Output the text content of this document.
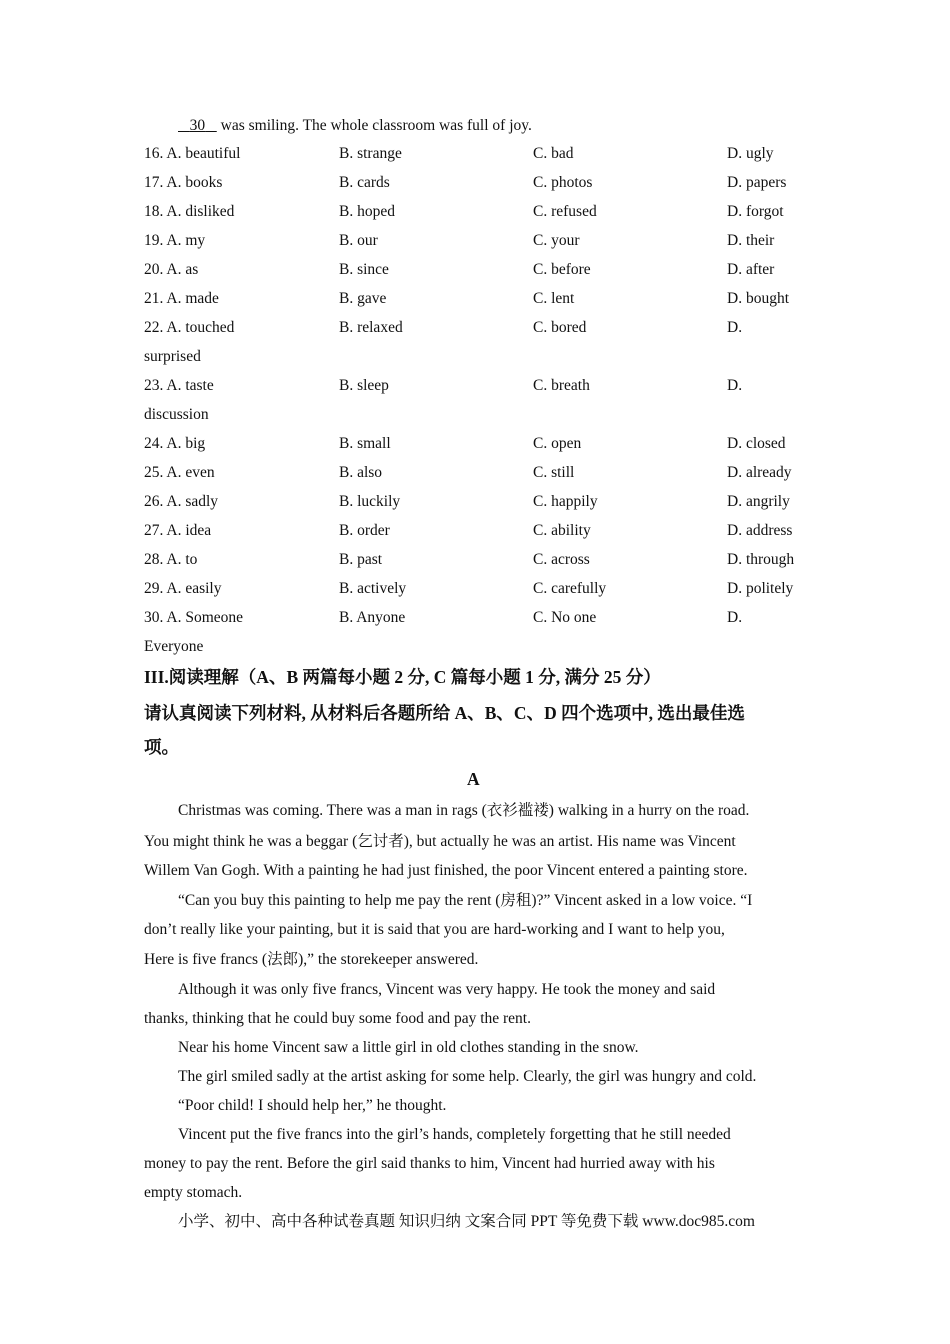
30    was smiling. The whole classroom was full of joy.
16. A. beautiful	B. strange	C. bad	D. ugly
17. A. books	B. cards	C. photos	D. papers
18. A. disliked	B. hoped	C. refused	D. forgot
19. A. my	B. our	C. your	D. their
20. A. as	B. since	C. before	D. after
21. A. made	B. gave	C. lent	D. bought
22. A. touched	B. relaxed	C. bored	D.
surprised
23. A. taste	B. sleep	C. breath	D.
discussion
24. A. big	B. small	C. open	D. closed
25. A. even	B. also	C. still	D. already
26. A. sadly	B. luckily	C. happily	D. angrily
27. A. idea	B. order	C. ability	D. address
28. A. to	B. past	C. across	D. through
29. A. easily	B. actively	C. carefully	D. politely
30. A. Someone	B. Anyone	C. No one	D.
Everyone
III.阅读理解（A、B 两篇每小题 2 分, C 篇每小题 1 分, 满分 25 分）
请认真阅读下列材料, 从材料后各题所给 A、B、C、D 四个选项中, 选出最佳选
项。
A
Christmas was coming. There was a man in rags (衣衫褴褛) walking in a hurry on the road.
You might think he was a beggar (乞讨者), but actually he was an artist. His name was Vincent
Willem Van Gogh. With a painting he had just finished, the poor Vincent entered a painting store.
“Can you buy this painting to help me pay the rent (房租)?” Vincent asked in a low voice. “I
don’t really like your painting, but it is said that you are hard-working and I want to help you,
Here is five francs (法郎),” the storekeeper answered.
Although it was only five francs, Vincent was very happy. He took the money and said
thanks, thinking that he could buy some food and pay the rent.
Near his home Vincent saw a little girl in old clothes standing in the snow.
The girl smiled sadly at the artist asking for some help. Clearly, the girl was hungry and cold.
“Poor child! I should help her,” he thought.
Vincent put the five francs into the girl’s hands, completely forgetting that he still needed
money to pay the rent. Before the girl said thanks to him, Vincent had hurried away with his
empty stomach.
小学、初中、高中各种试卷真题 知识归纳 文案合同 PPT 等免费下载 www.doc985.com
